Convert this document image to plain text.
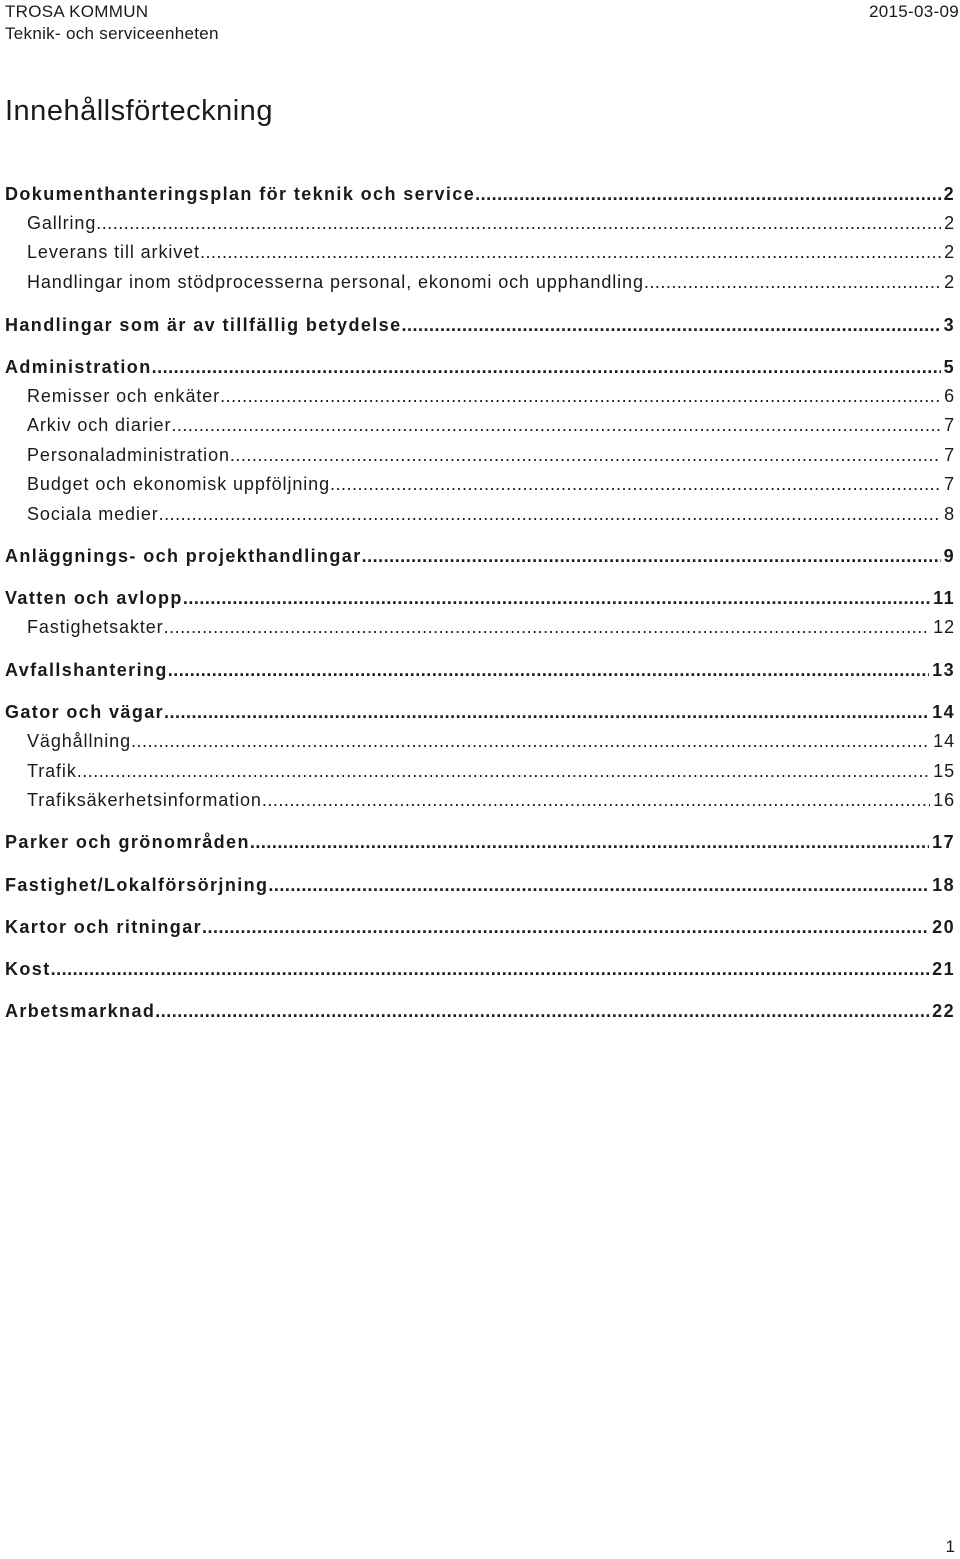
TROSA KOMMUN
Teknik- och serviceenheten
2015-03-09
Innehållsförteckning
Dokumenthanteringsplan för teknik och service .....	2
Gallring .....	2
Leverans till arkivet .....	2
Handlingar inom stödprocesserna personal, ekonomi och upphandling .....	2
Handlingar som är av tillfällig betydelse .....	3
Administration .....	5
Remisser och enkäter .....	6
Arkiv och diarier .....	7
Personaladministration .....	7
Budget och ekonomisk uppföljning .....	7
Sociala medier .....	8
Anläggnings- och projekthandlingar .....	9
Vatten och avlopp .....	11
Fastighetsakter .....	12
Avfallshantering .....	13
Gator och vägar .....	14
Väghållning .....	14
Trafik .....	15
Trafiksäkerhetsinformation .....	16
Parker och grönområden .....	17
Fastighet/Lokalförsörjning .....	18
Kartor och ritningar .....	20
Kost .....	21
Arbetsmarknad .....	22
1
